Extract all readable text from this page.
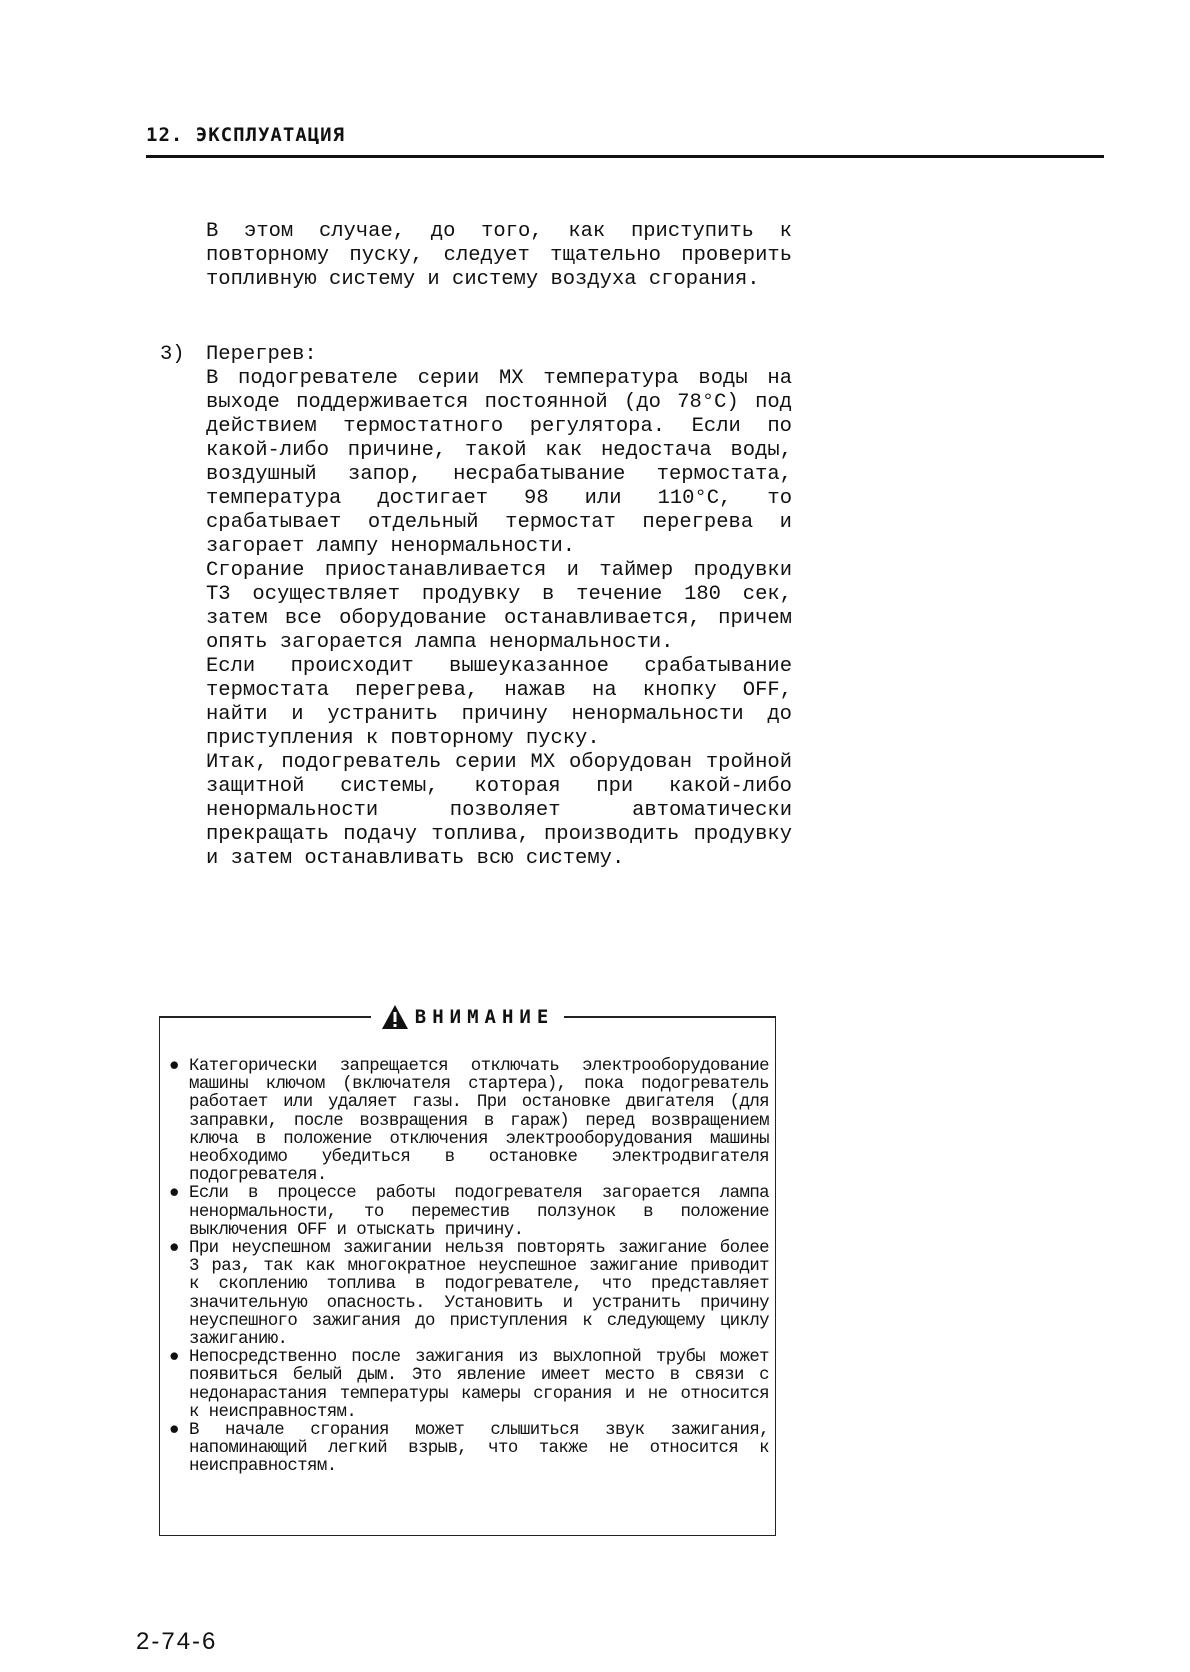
12. ЭКСПЛУАТАЦИЯ
В этом случае, до того, как приступить к повторному пуску, следует тщательно проверить топливную систему и систему воздуха сгорания.
3) Перегрев:

В подогревателе серии МХ температура воды на выходе поддерживается постоянной (до 78°С) под действием термостатного регулятора. Если по какой-либо причине, такой как недостача воды, воздушный запор, несрабатывание термостата, температура достигает 98 или 110°С, то срабатывает отдельный термостат перегрева и загорает лампу ненормальности.

Сгорание приостанавливается и таймер продувки Т3 осуществляет продувку в течение 180 сек, затем все оборудование останавливается, причем опять загорается лампа ненормальности.

Если происходит вышеуказанное срабатывание термостата перегрева, нажав на кнопку OFF, найти и устранить причину ненормальности до приступления к повторному пуску.

Итак, подогреватель серии МХ оборудован тройной защитной системы, которая при какой-либо ненормальности позволяет автоматически прекращать подачу топлива, производить продувку и затем останавливать всю систему.

ВНИМАНИЕ
● Категорически запрещается отключать электрооборудование машины ключом (включателя стартера), пока подогреватель работает или удаляет газы. При остановке двигателя (для заправки, после возвращения в гараж) перед возвращением ключа в положение отключения электрооборудования машины необходимо убедиться в остановке электродвигателя подогревателя.
● Если в процессе работы подогревателя загорается лампа ненормальности, то переместив ползунок в положение выключения OFF и отыскать причину.
● При неуспешном зажигании нельзя повторять зажигание более 3 раз, так как многократное неуспешное зажигание приводит к скоплению топлива в подогревателе, что представляет значительную опасность. Установить и устранить причину неуспешного зажигания до приступления к следующему циклу зажиганию.
● Непосредственно после зажигания из выхлопной трубы может появиться белый дым. Это явление имеет место в связи с недонарастания температуры камеры сгорания и не относится к неисправностям.
● В начале сгорания может слышиться звук зажигания, напоминающий легкий взрыв, что также не относится к неисправностям.
2-74-6
